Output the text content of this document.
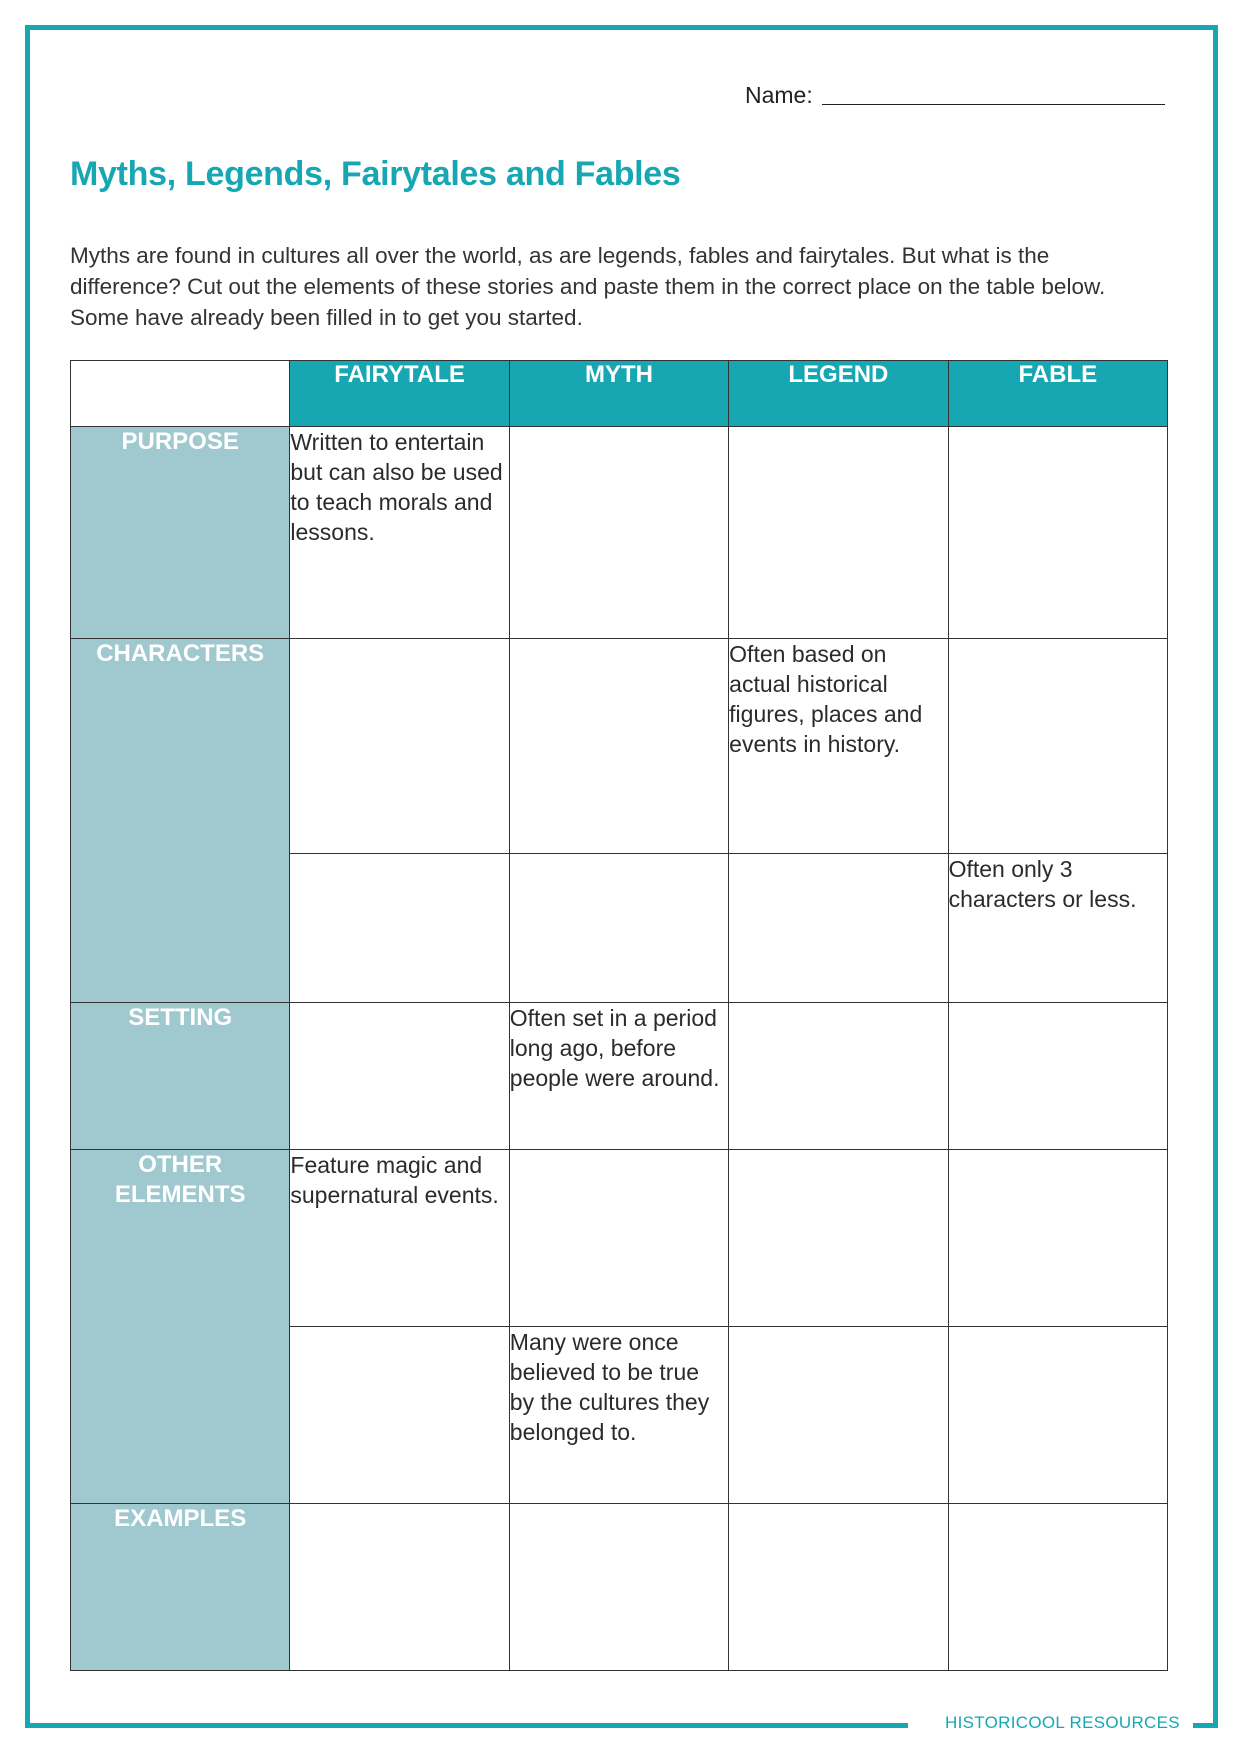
Name:
Myths, Legends, Fairytales and Fables
Myths are found in cultures all over the world, as are legends, fables and fairytales. But what is the
difference? Cut out the elements of these stories and paste them in the correct place on the table below.
Some have already been filled in to get you started.
	FAIRYTALE	MYTH	LEGEND	FABLE
PURPOSE	Written to entertain but can also be used to teach morals and lessons.			
CHARACTERS			Often based on actual historical figures, places and events in history.	
				Often only 3 characters or less.
SETTING		Often set in a period long ago, before people were around.		
OTHER ELEMENTS	Feature magic and supernatural events.			
		Many were once believed to be true by the cultures they belonged to.		
EXAMPLES				
HISTORICOOL RESOURCES
